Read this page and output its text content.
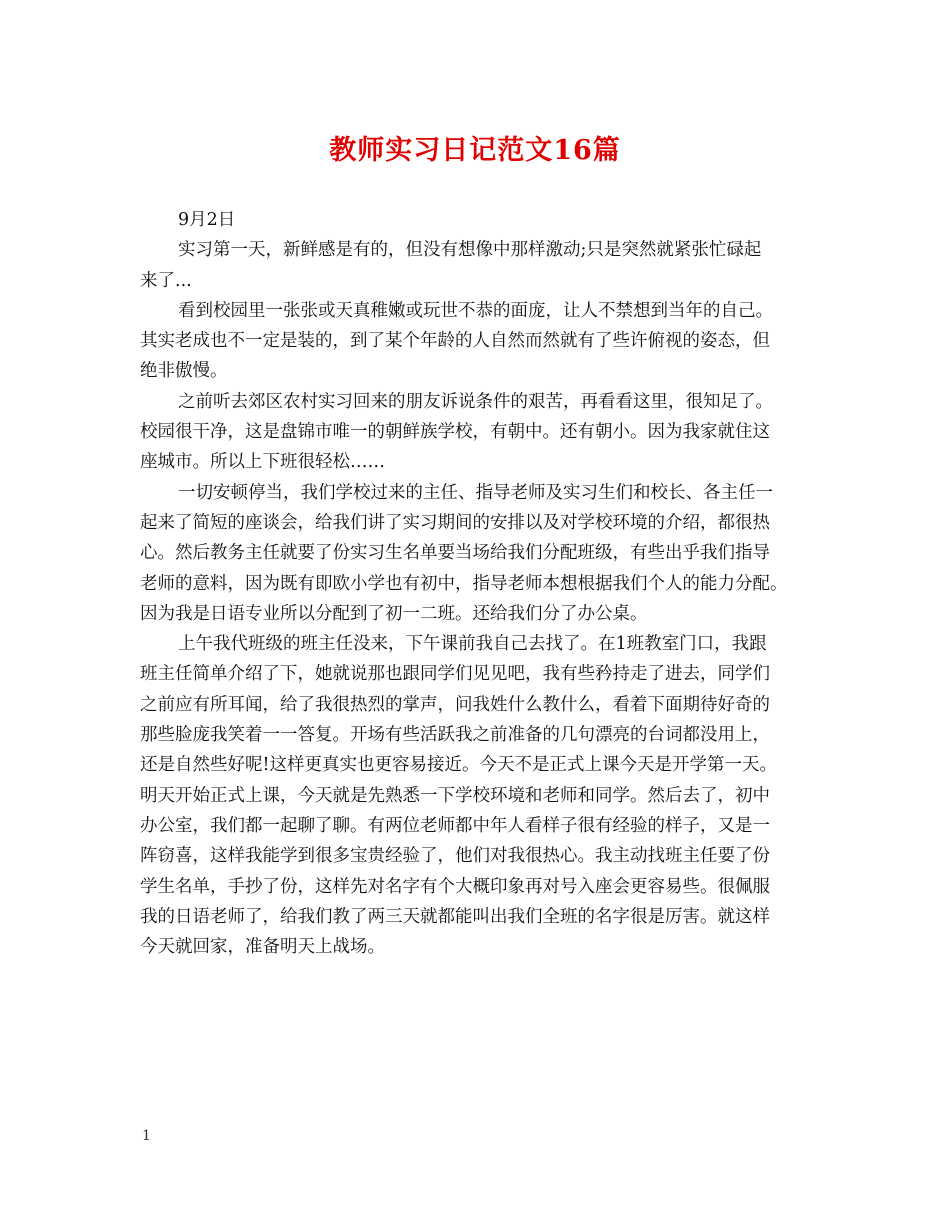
教师实习日记范文16篇
9月2日
实习第一天，新鲜感是有的，但没有想像中那样激动;只是突然就紧张忙碌起
来了...
看到校园里一张张或天真稚嫩或玩世不恭的面庞，让人不禁想到当年的自己。
其实老成也不一定是装的，到了某个年龄的人自然而然就有了些许俯视的姿态，但
绝非傲慢。
之前听去郊区农村实习回来的朋友诉说条件的艰苦，再看看这里，很知足了。
校园很干净，这是盘锦市唯一的朝鲜族学校，有朝中。还有朝小。因为我家就住这
座城市。所以上下班很轻松……
一切安顿停当，我们学校过来的主任、指导老师及实习生们和校长、各主任一
起来了简短的座谈会，给我们讲了实习期间的安排以及对学校环境的介绍，都很热
心。然后教务主任就要了份实习生名单要当场给我们分配班级，有些出乎我们指导
老师的意料，因为既有即欧小学也有初中，指导老师本想根据我们个人的能力分配。
因为我是日语专业所以分配到了初一二班。还给我们分了办公桌。
上午我代班级的班主任没来，下午课前我自己去找了。在1班教室门口，我跟
班主任简单介绍了下，她就说那也跟同学们见见吧，我有些矜持走了进去，同学们
之前应有所耳闻，给了我很热烈的掌声，问我姓什么教什么，看着下面期待好奇的
那些脸庞我笑着一一答复。开场有些活跃我之前准备的几句漂亮的台词都没用上，
还是自然些好呢!这样更真实也更容易接近。今天不是正式上课今天是开学第一天。
明天开始正式上课，今天就是先熟悉一下学校环境和老师和同学。然后去了，初中
办公室，我们都一起聊了聊。有两位老师都中年人看样子很有经验的样子，又是一
阵窃喜，这样我能学到很多宝贵经验了，他们对我很热心。我主动找班主任要了份
学生名单，手抄了份，这样先对名字有个大概印象再对号入座会更容易些。很佩服
我的日语老师了，给我们教了两三天就都能叫出我们全班的名字很是厉害。就这样
今天就回家，准备明天上战场。
1
